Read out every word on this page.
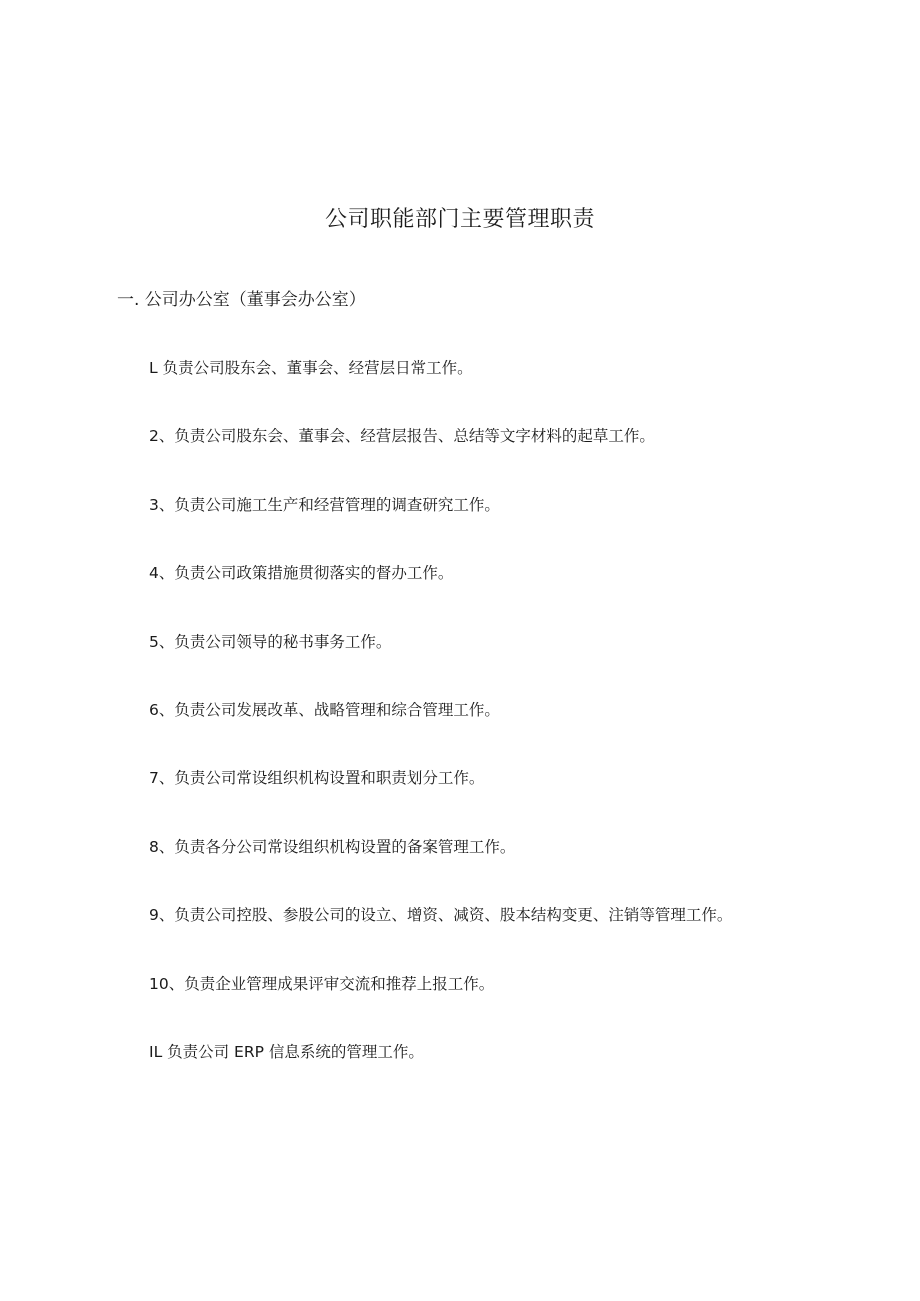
公司职能部门主要管理职责
一. 公司办公室（董事会办公室）
L 负责公司股东会、董事会、经营层日常工作。
2、负责公司股东会、董事会、经营层报告、总结等文字材料的起草工作。
3、负责公司施工生产和经营管理的调查研究工作。
4、负责公司政策措施贯彻落实的督办工作。
5、负责公司领导的秘书事务工作。
6、负责公司发展改革、战略管理和综合管理工作。
7、负责公司常设组织机构设置和职责划分工作。
8、负责各分公司常设组织机构设置的备案管理工作。
9、负责公司控股、参股公司的设立、增资、减资、股本结构变更、注销等管理工作。
10、负责企业管理成果评审交流和推荐上报工作。
IL 负责公司 ERP 信息系统的管理工作。
